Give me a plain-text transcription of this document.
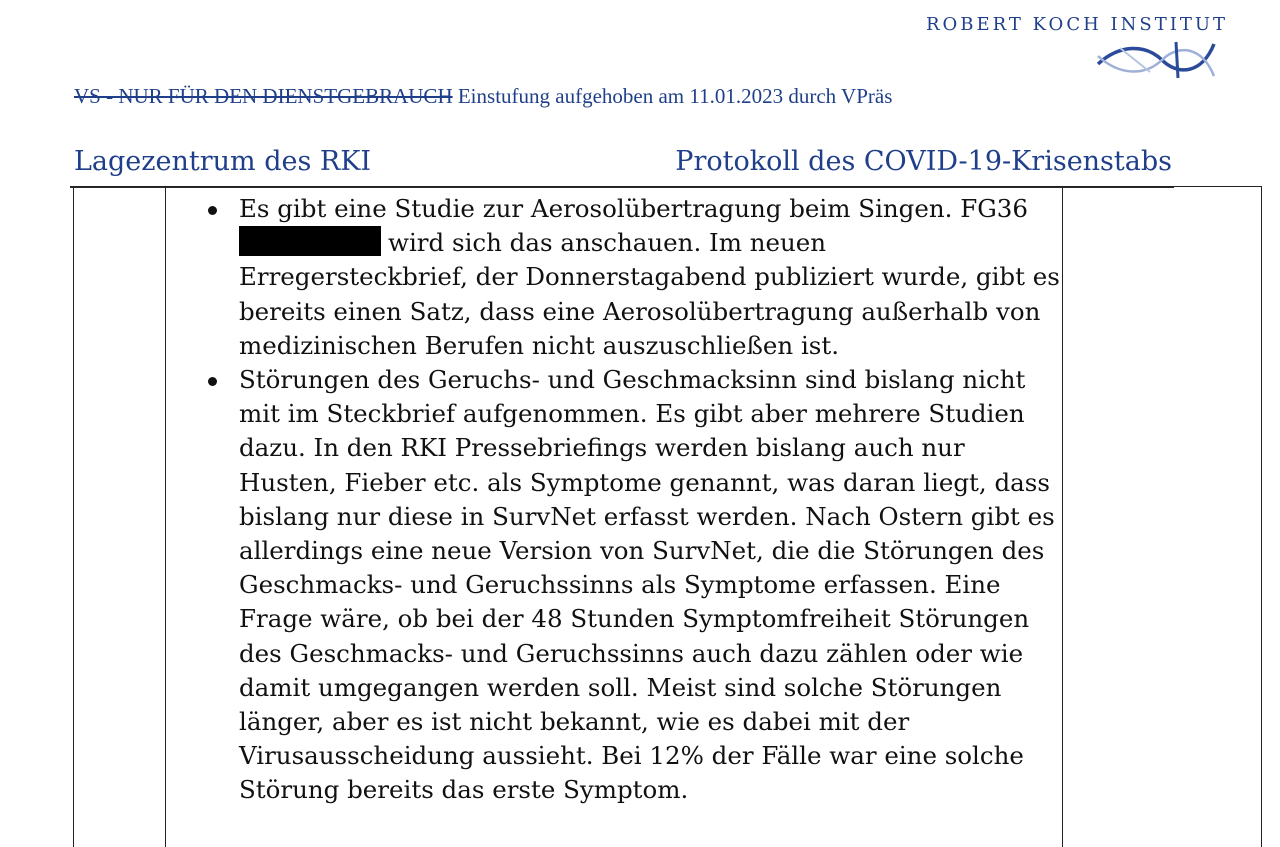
ROBERT KOCH INSTITUT
VS - NUR FÜR DEN DIENSTGEBRAUCH Einstufung aufgehoben am 11.01.2023 durch VPräs
Lagezentrum des RKI	Protokoll des COVID-19-Krisenstabs
Es gibt eine Studie zur Aerosolübertragung beim Singen. FG36
wird sich das anschauen. Im neuen
Erregersteckbrief, der Donnerstagabend publiziert wurde, gibt es
bereits einen Satz, dass eine Aerosolübertragung außerhalb von
medizinischen Berufen nicht auszuschließen ist.
Störungen des Geruchs- und Geschmacksinn sind bislang nicht
mit im Steckbrief aufgenommen. Es gibt aber mehrere Studien
dazu. In den RKI Pressebriefings werden bislang auch nur
Husten, Fieber etc. als Symptome genannt, was daran liegt, dass
bislang nur diese in SurvNet erfasst werden. Nach Ostern gibt es
allerdings eine neue Version von SurvNet, die die Störungen des
Geschmacks- und Geruchssinns als Symptome erfassen. Eine
Frage wäre, ob bei der 48 Stunden Symptomfreiheit Störungen
des Geschmacks- und Geruchssinns auch dazu zählen oder wie
damit umgegangen werden soll. Meist sind solche Störungen
länger, aber es ist nicht bekannt, wie es dabei mit der
Virusausscheidung aussieht. Bei 12% der Fälle war eine solche
Störung bereits das erste Symptom.
